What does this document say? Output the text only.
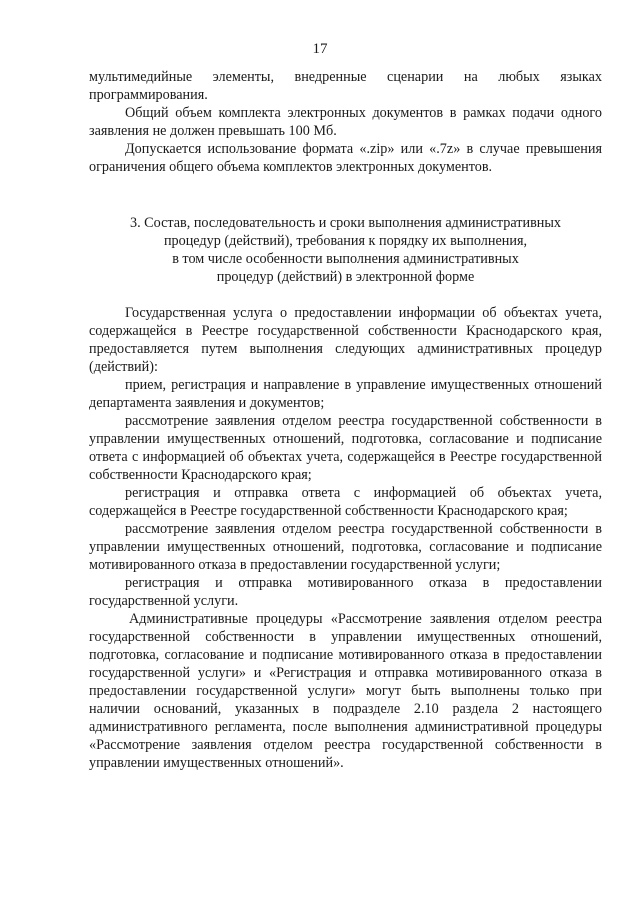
17

мультимедийные элементы, внедренные сценарии на любых языках программирования.

Общий объем комплекта электронных документов в рамках подачи одного заявления не должен превышать 100 Мб.

Допускается использование формата «.zip» или «.7z» в случае превышения ограничения общего объема комплектов электронных документов.

3. Состав, последовательность и сроки выполнения административных
процедур (действий), требования к порядку их выполнения,
в том числе особенности выполнения административных
процедур (действий) в электронной форме

Государственная услуга о предоставлении информации об объектах учета, содержащейся в Реестре государственной собственности Краснодарского края, предоставляется путем выполнения следующих административных процедур (действий):

прием, регистрация и направление в управление имущественных отношений департамента заявления и документов;

рассмотрение заявления отделом реестра государственной собственности в управлении имущественных отношений, подготовка, согласование и подписание ответа с информацией об объектах учета, содержащейся в Реестре государственной собственности Краснодарского края;

регистрация и отправка ответа с информацией об объектах учета, содержащейся в Реестре государственной собственности Краснодарского края;

рассмотрение заявления отделом реестра государственной собственности в управлении имущественных отношений, подготовка, согласование и подписание мотивированного отказа в предоставлении государственной услуги;

регистрация и отправка мотивированного отказа в предоставлении государственной услуги.

Административные процедуры «Рассмотрение заявления отделом реестра государственной собственности в управлении имущественных отношений, подготовка, согласование и подписание мотивированного отказа в предоставлении государственной услуги» и «Регистрация и отправка мотивированного отказа в предоставлении государственной услуги» могут быть выполнены только при наличии оснований, указанных в подразделе 2.10 раздела 2 настоящего административного регламента, после выполнения административной процедуры «Рассмотрение заявления отделом реестра государственной собственности в управлении имущественных отношений».
